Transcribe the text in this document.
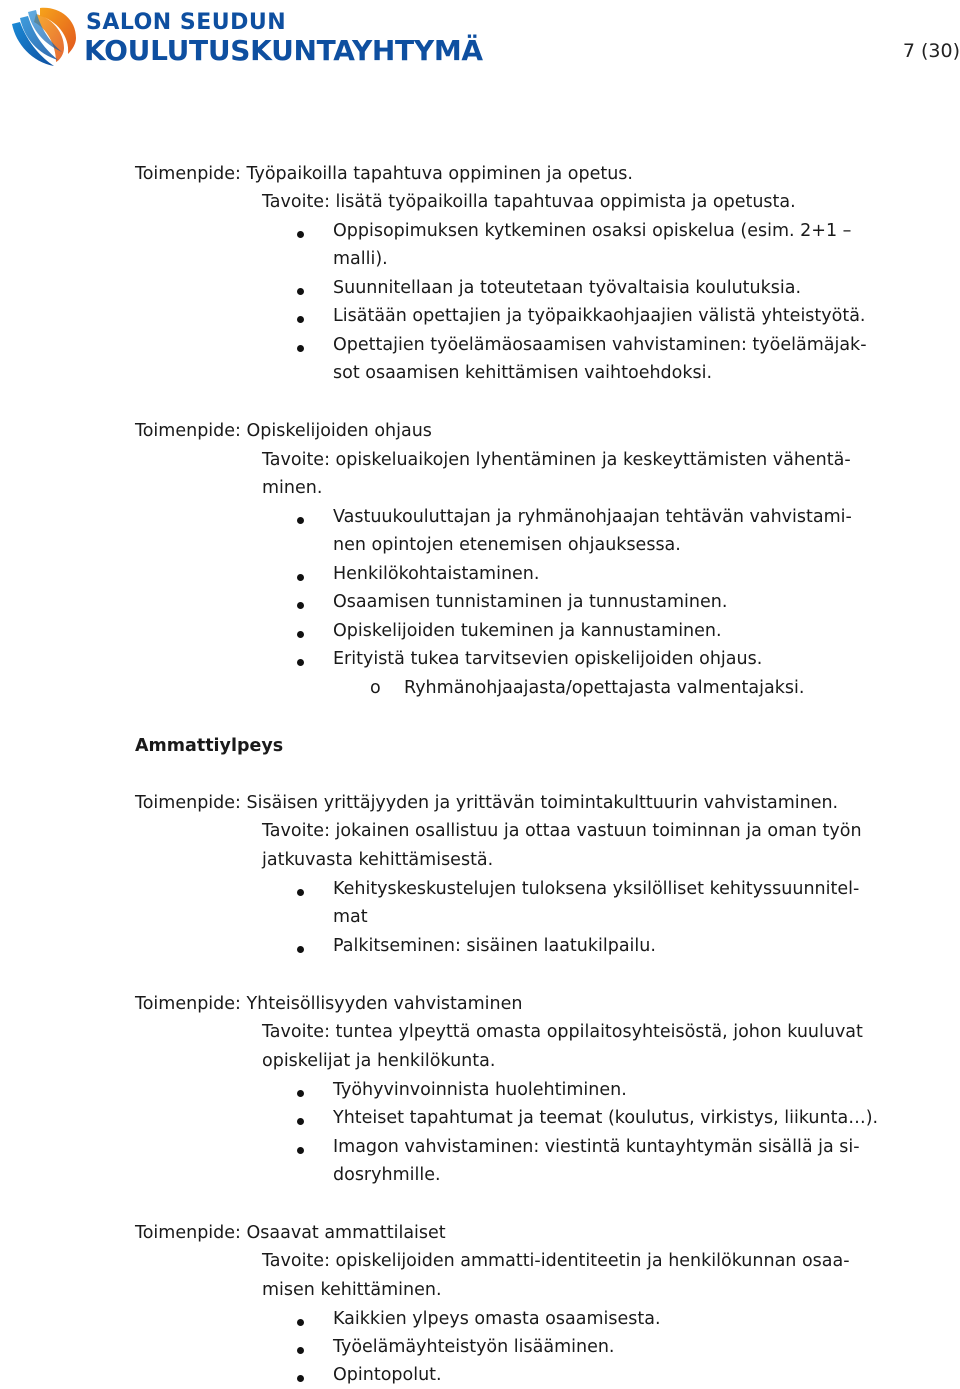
SALON SEUDUN
KOULUTUSKUNTAYHTYMÄ	7 (30)
Toimenpide: Työpaikoilla tapahtuva oppiminen ja opetus.
Tavoite: lisätä työpaikoilla tapahtuvaa oppimista ja opetusta.
Oppisopimuksen kytkeminen osaksi opiskelua (esim. 2+1 –
malli).
Suunnitellaan ja toteutetaan työvaltaisia koulutuksia.
Lisätään opettajien ja työpaikkaohjaajien välistä yhteistyötä.
Opettajien työelämäosaamisen vahvistaminen: työelämäjak-
sot osaamisen kehittämisen vaihtoehdoksi.
Toimenpide: Opiskelijoiden ohjaus
Tavoite: opiskeluaikojen lyhentäminen ja keskeyttämisten vähentä-
minen.
Vastuukouluttajan ja ryhmänohjaajan tehtävän vahvistami-
nen opintojen etenemisen ohjauksessa.
Henkilökohtaistaminen.
Osaamisen tunnistaminen ja tunnustaminen.
Opiskelijoiden tukeminen ja kannustaminen.
Erityistä tukea tarvitsevien opiskelijoiden ohjaus.
o Ryhmänohjaajasta/opettajasta valmentajaksi.
Ammattiylpeys
Toimenpide: Sisäisen yrittäjyyden ja yrittävän toimintakulttuurin vahvistaminen.
Tavoite: jokainen osallistuu ja ottaa vastuun toiminnan ja oman työn
jatkuvasta kehittämisestä.
Kehityskeskustelujen tuloksena yksilölliset kehityssuunnitel-
mat
Palkitseminen: sisäinen laatukilpailu.
Toimenpide: Yhteisöllisyyden vahvistaminen
Tavoite: tuntea ylpeyttä omasta oppilaitosyhteisöstä, johon kuuluvat
opiskelijat ja henkilökunta.
Työhyvinvoinnista huolehtiminen.
Yhteiset tapahtumat ja teemat (koulutus, virkistys, liikunta…).
Imagon vahvistaminen: viestintä kuntayhtymän sisällä ja si-
dosryhmille.
Toimenpide: Osaavat ammattilaiset
Tavoite: opiskelijoiden ammatti-identiteetin ja henkilökunnan osaa-
misen kehittäminen.
Kaikkien ylpeys omasta osaamisesta.
Työelämäyhteistyön lisääminen.
Opintopolut.
